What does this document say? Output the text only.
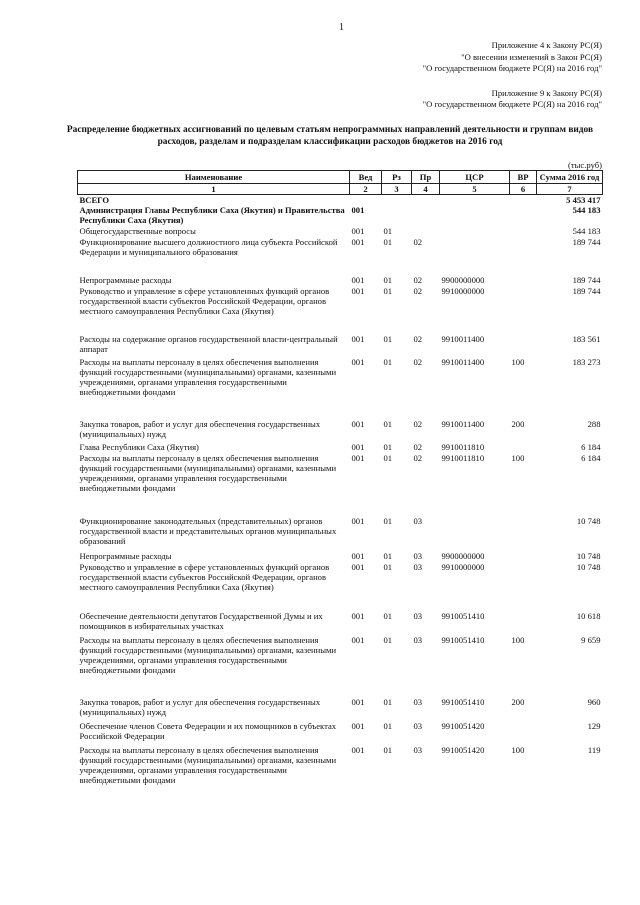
1
Приложение 4 к Закону РС(Я)
"О внесении изменений в Закон РС(Я)
"О государственном бюджете РС(Я) на 2016 год"
Приложение 9 к Закону РС(Я)
"О государственном бюджете РС(Я) на 2016 год"
Распределение бюджетных ассигнований по целевым статьям непрограммных направлений деятельности и группам видов расходов, разделам и подразделам классификации расходов бюджетов на 2016 год
(тыс.руб)
Наименование	Вед	Рз	Пр	ЦСР	ВР	Сумма 2016 год
1	2	3	4	5	6	7
ВСЕГО						5 453 417
Администрация Главы Республики Саха (Якутия) и Правительства Республики Саха (Якутия)	001					544 183
Общегосударственные вопросы	001	01				544 183
Функционирование высшего должностного лица субъекта Российской Федерации и муниципального образования	001	01	02			189 744
Непрограммные расходы	001	01	02	9900000000		189 744
Руководство и управление в сфере установленных функций органов государственной власти субъектов Российской Федерации, органов местного самоуправления Республики Саха (Якутия)	001	01	02	9910000000		189 744
Расходы на содержание органов государственной власти-центральный аппарат	001	01	02	9910011400		183 561
Расходы на выплаты персоналу в целях обеспечения выполнения функций государственными (муниципальными) органами, казенными учреждениями, органами управления государственными внебюджетными фондами	001	01	02	9910011400	100	183 273
Закупка товаров, работ и услуг для обеспечения государственных (муниципальных) нужд	001	01	02	9910011400	200	288
Глава Республики Саха (Якутия)	001	01	02	9910011810		6 184
Расходы на выплаты персоналу в целях обеспечения выполнения функций государственными (муниципальными) органами, казенными учреждениями, органами управления государственными внебюджетными фондами	001	01	02	9910011810	100	6 184
Функционирование законодательных (представительных) органов государственной власти и представительных органов муниципальных образований	001	01	03			10 748
Непрограммные расходы	001	01	03	9900000000		10 748
Руководство и управление в сфере установленных функций органов государственной власти субъектов Российской Федерации, органов местного самоуправления Республики Саха (Якутия)	001	01	03	9910000000		10 748
Обеспечение деятельности депутатов Государственной Думы и их помощников в избирательных участках	001	01	03	9910051410		10 618
Расходы на выплаты персоналу в целях обеспечения выполнения функций государственными (муниципальными) органами, казенными учреждениями, органами управления государственными внебюджетными фондами	001	01	03	9910051410	100	9 659
Закупка товаров, работ и услуг для обеспечения государственных (муниципальных) нужд	001	01	03	9910051410	200	960
Обеспечение членов Совета Федерации и их помощников в субъектах Российской Федерации	001	01	03	9910051420		129
Расходы на выплаты персоналу в целях обеспечения выполнения функций государственными (муниципальными) органами, казенными учреждениями, органами управления государственными внебюджетными фондами	001	01	03	9910051420	100	119
